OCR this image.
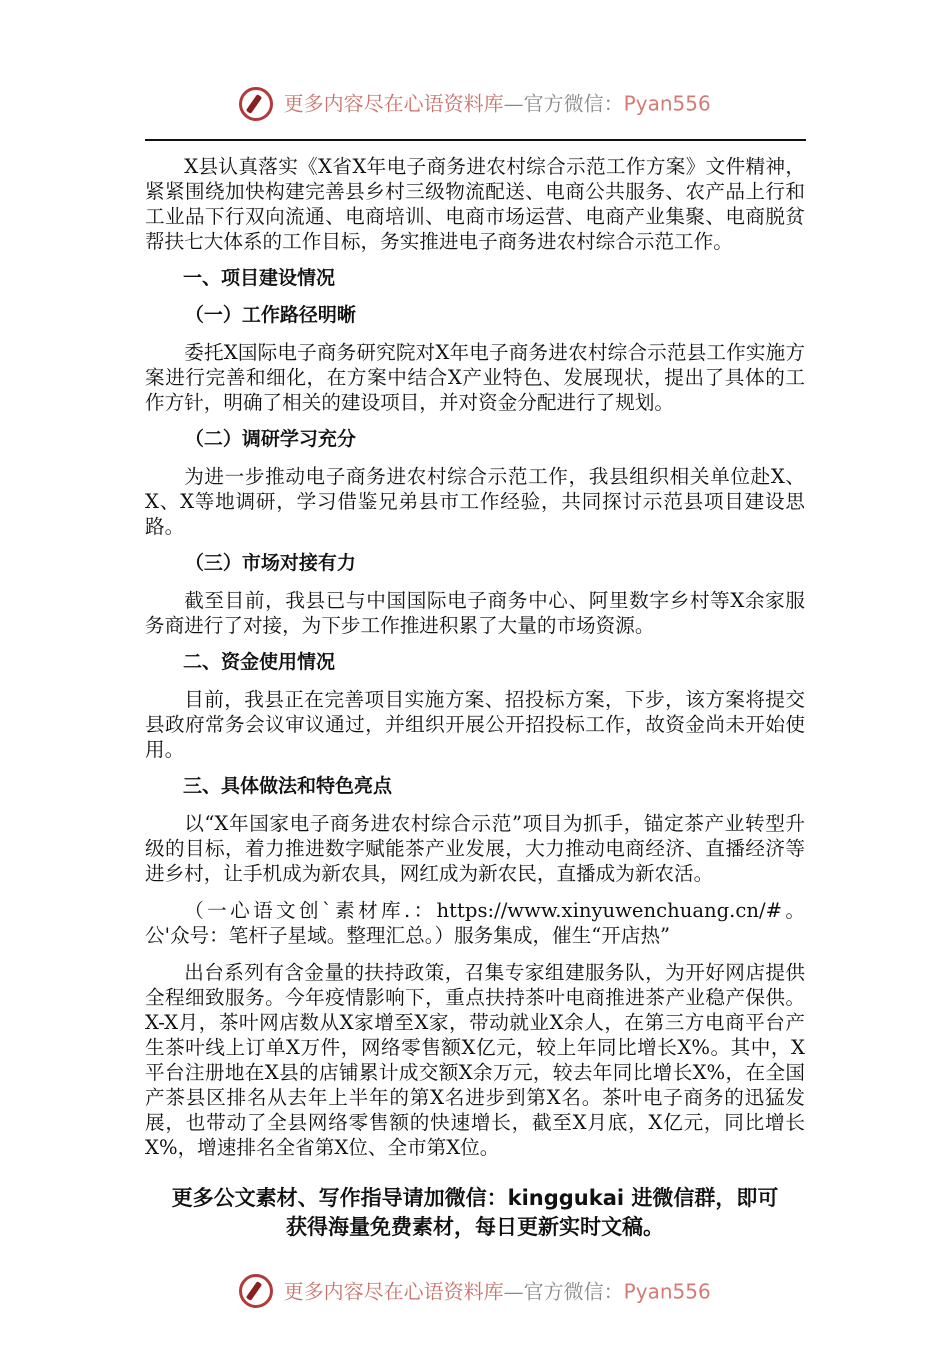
更多内容尽在心语资料库—官方微信：Pyan556

X县认真落实《X省X年电子商务进农村综合示范工作方案》文件精神，紧紧围绕加快构建完善县乡村三级物流配送、电商公共服务、农产品上行和工业品下行双向流通、电商培训、电商市场运营、电商产业集聚、电商脱贫帮扶七大体系的工作目标，务实推进电子商务进农村综合示范工作。

一、项目建设情况
（一）工作路径明晰

委托X国际电子商务研究院对X年电子商务进农村综合示范县工作实施方案进行完善和细化，在方案中结合X产业特色、发展现状，提出了具体的工作方针，明确了相关的建设项目，并对资金分配进行了规划。

（二）调研学习充分

为进一步推动电子商务进农村综合示范工作，我县组织相关单位赴X、X、X等地调研，学习借鉴兄弟县市工作经验，共同探讨示范县项目建设思路。

（三）市场对接有力

截至目前，我县已与中国国际电子商务中心、阿里数字乡村等X余家服务商进行了对接，为下步工作推进积累了大量的市场资源。

二、资金使用情况

目前，我县正在完善项目实施方案、招投标方案，下步，该方案将提交县政府常务会议审议通过，并组织开展公开招投标工作，故资金尚未开始使用。

三、具体做法和特色亮点

以“X年国家电子商务进农村综合示范”项目为抓手，锚定茶产业转型升级的目标，着力推进数字赋能茶产业发展，大力推动电商经济、直播经济等进乡村，让手机成为新农具，网红成为新农民，直播成为新农活。

（一心语文创`素材库.：https://www.xinyuwenchuang.cn/#。公'众号：笔杆子星域。整理汇总。）服务集成，催生“开店热”

出台系列有含金量的扶持政策，召集专家组建服务队，为开好网店提供全程细致服务。今年疫情影响下，重点扶持茶叶电商推进茶产业稳产保供。X-X月，茶叶网店数从X家增至X家，带动就业X余人，在第三方电商平台产生茶叶线上订单X万件，网络零售额X亿元，较上年同比增长X%。其中，X平台注册地在X县的店铺累计成交额X余万元，较去年同比增长X%，在全国产茶县区排名从去年上半年的第X名进步到第X名。茶叶电子商务的迅猛发展，也带动了全县网络零售额的快速增长，截至X月底，X亿元，同比增长X%，增速排名全省第X位、全市第X位。

更多公文素材、写作指导请加微信：kinggukai 进微信群，即可
获得海量免费素材，每日更新实时文稿。
更多内容尽在心语资料库—官方微信：Pyan556
